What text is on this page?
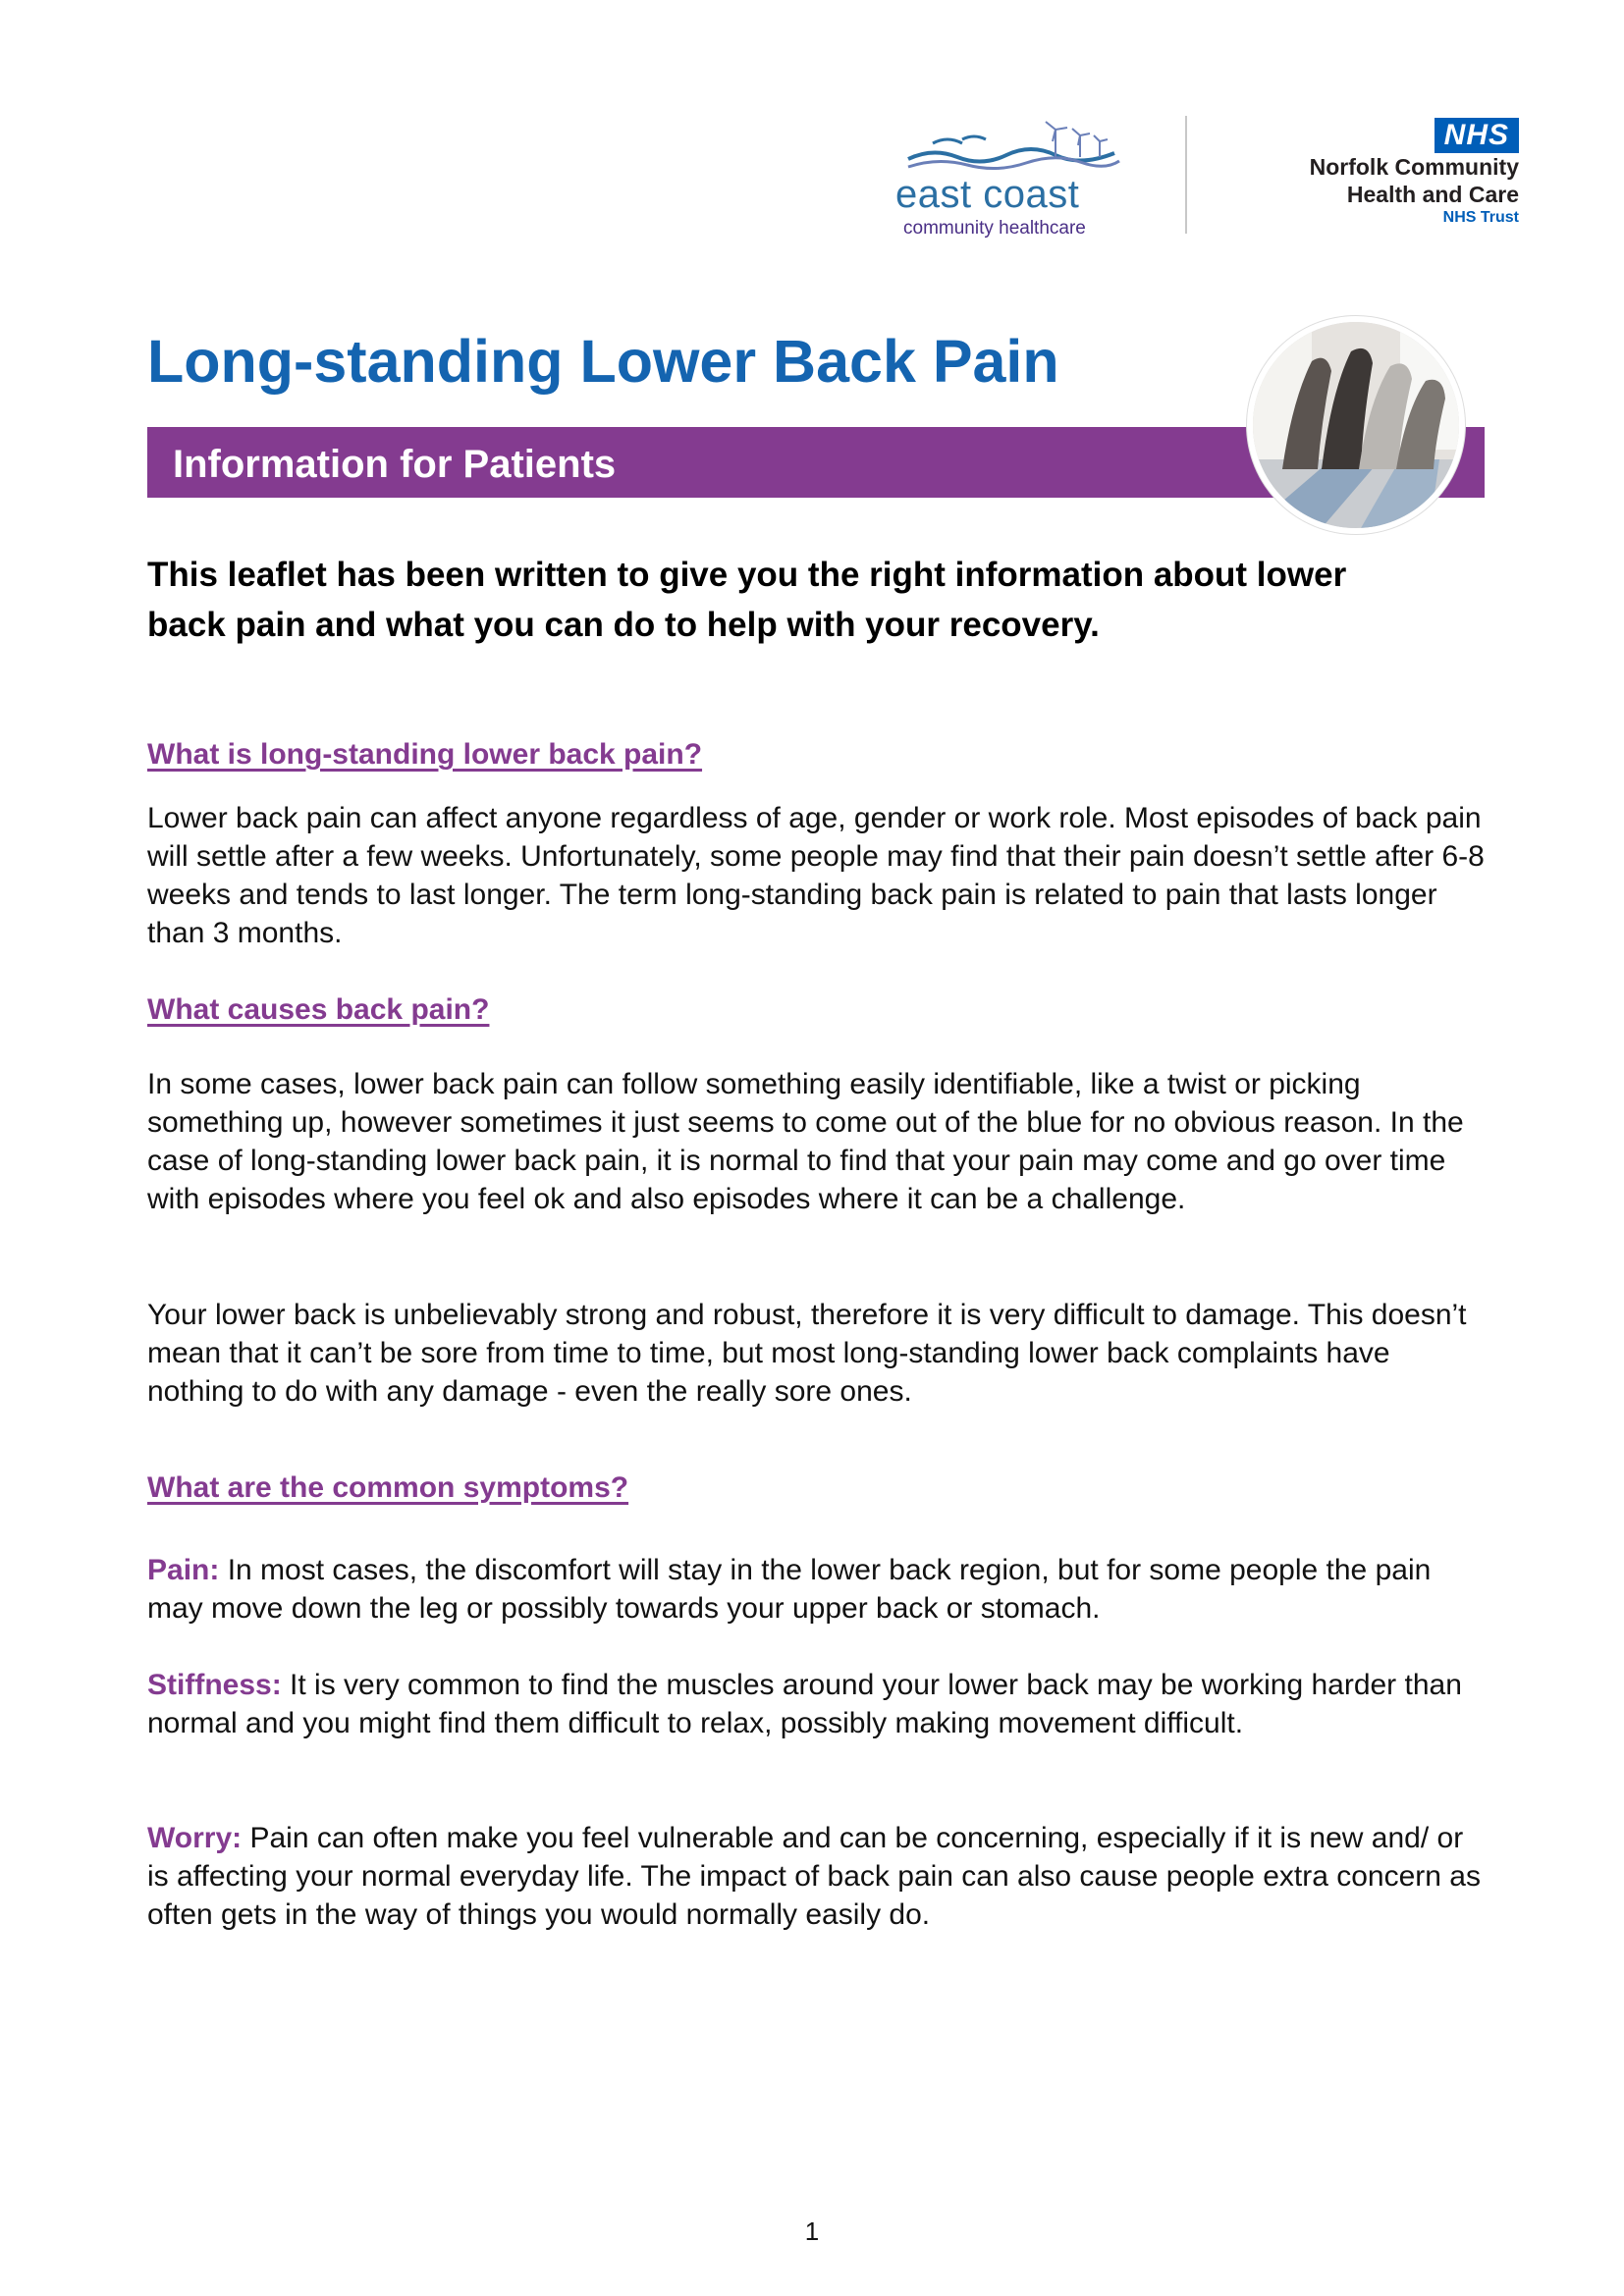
east coast
community healthcare
NHS
Norfolk Community
Health and Care
NHS Trust
Long-standing Lower Back Pain
Information for Patients

This leaflet has been written to give you the right information about lower back pain and what you can do to help with your recovery.

What is long-standing lower back pain?

Lower back pain can affect anyone regardless of age, gender or work role. Most episodes of back pain will settle after a few weeks. Unfortunately, some people may find that their pain doesn’t settle after 6-8 weeks and tends to last longer. The term long-standing back pain is related to pain that lasts longer than 3 months.

What causes back pain?

In some cases, lower back pain can follow something easily identifiable, like a twist or picking something up, however sometimes it just seems to come out of the blue for no obvious reason. In the case of long-standing lower back pain, it is normal to find that your pain may come and go over time with episodes where you feel ok and also episodes where it can be a challenge.

Your lower back is unbelievably strong and robust, therefore it is very difficult to damage. This doesn’t mean that it can’t be sore from time to time, but most long-standing lower back complaints have nothing to do with any damage - even the really sore ones.

What are the common symptoms?

Pain: In most cases, the discomfort will stay in the lower back region, but for some people the pain may move down the leg or possibly towards your upper back or stomach.

Stiffness: It is very common to find the muscles around your lower back may be working harder than normal and you might find them difficult to relax, possibly making movement difficult.

Worry: Pain can often make you feel vulnerable and can be concerning, especially if it is new and/ or is affecting your normal everyday life. The impact of back pain can also cause people extra concern as often gets in the way of things you would normally easily do.

1
